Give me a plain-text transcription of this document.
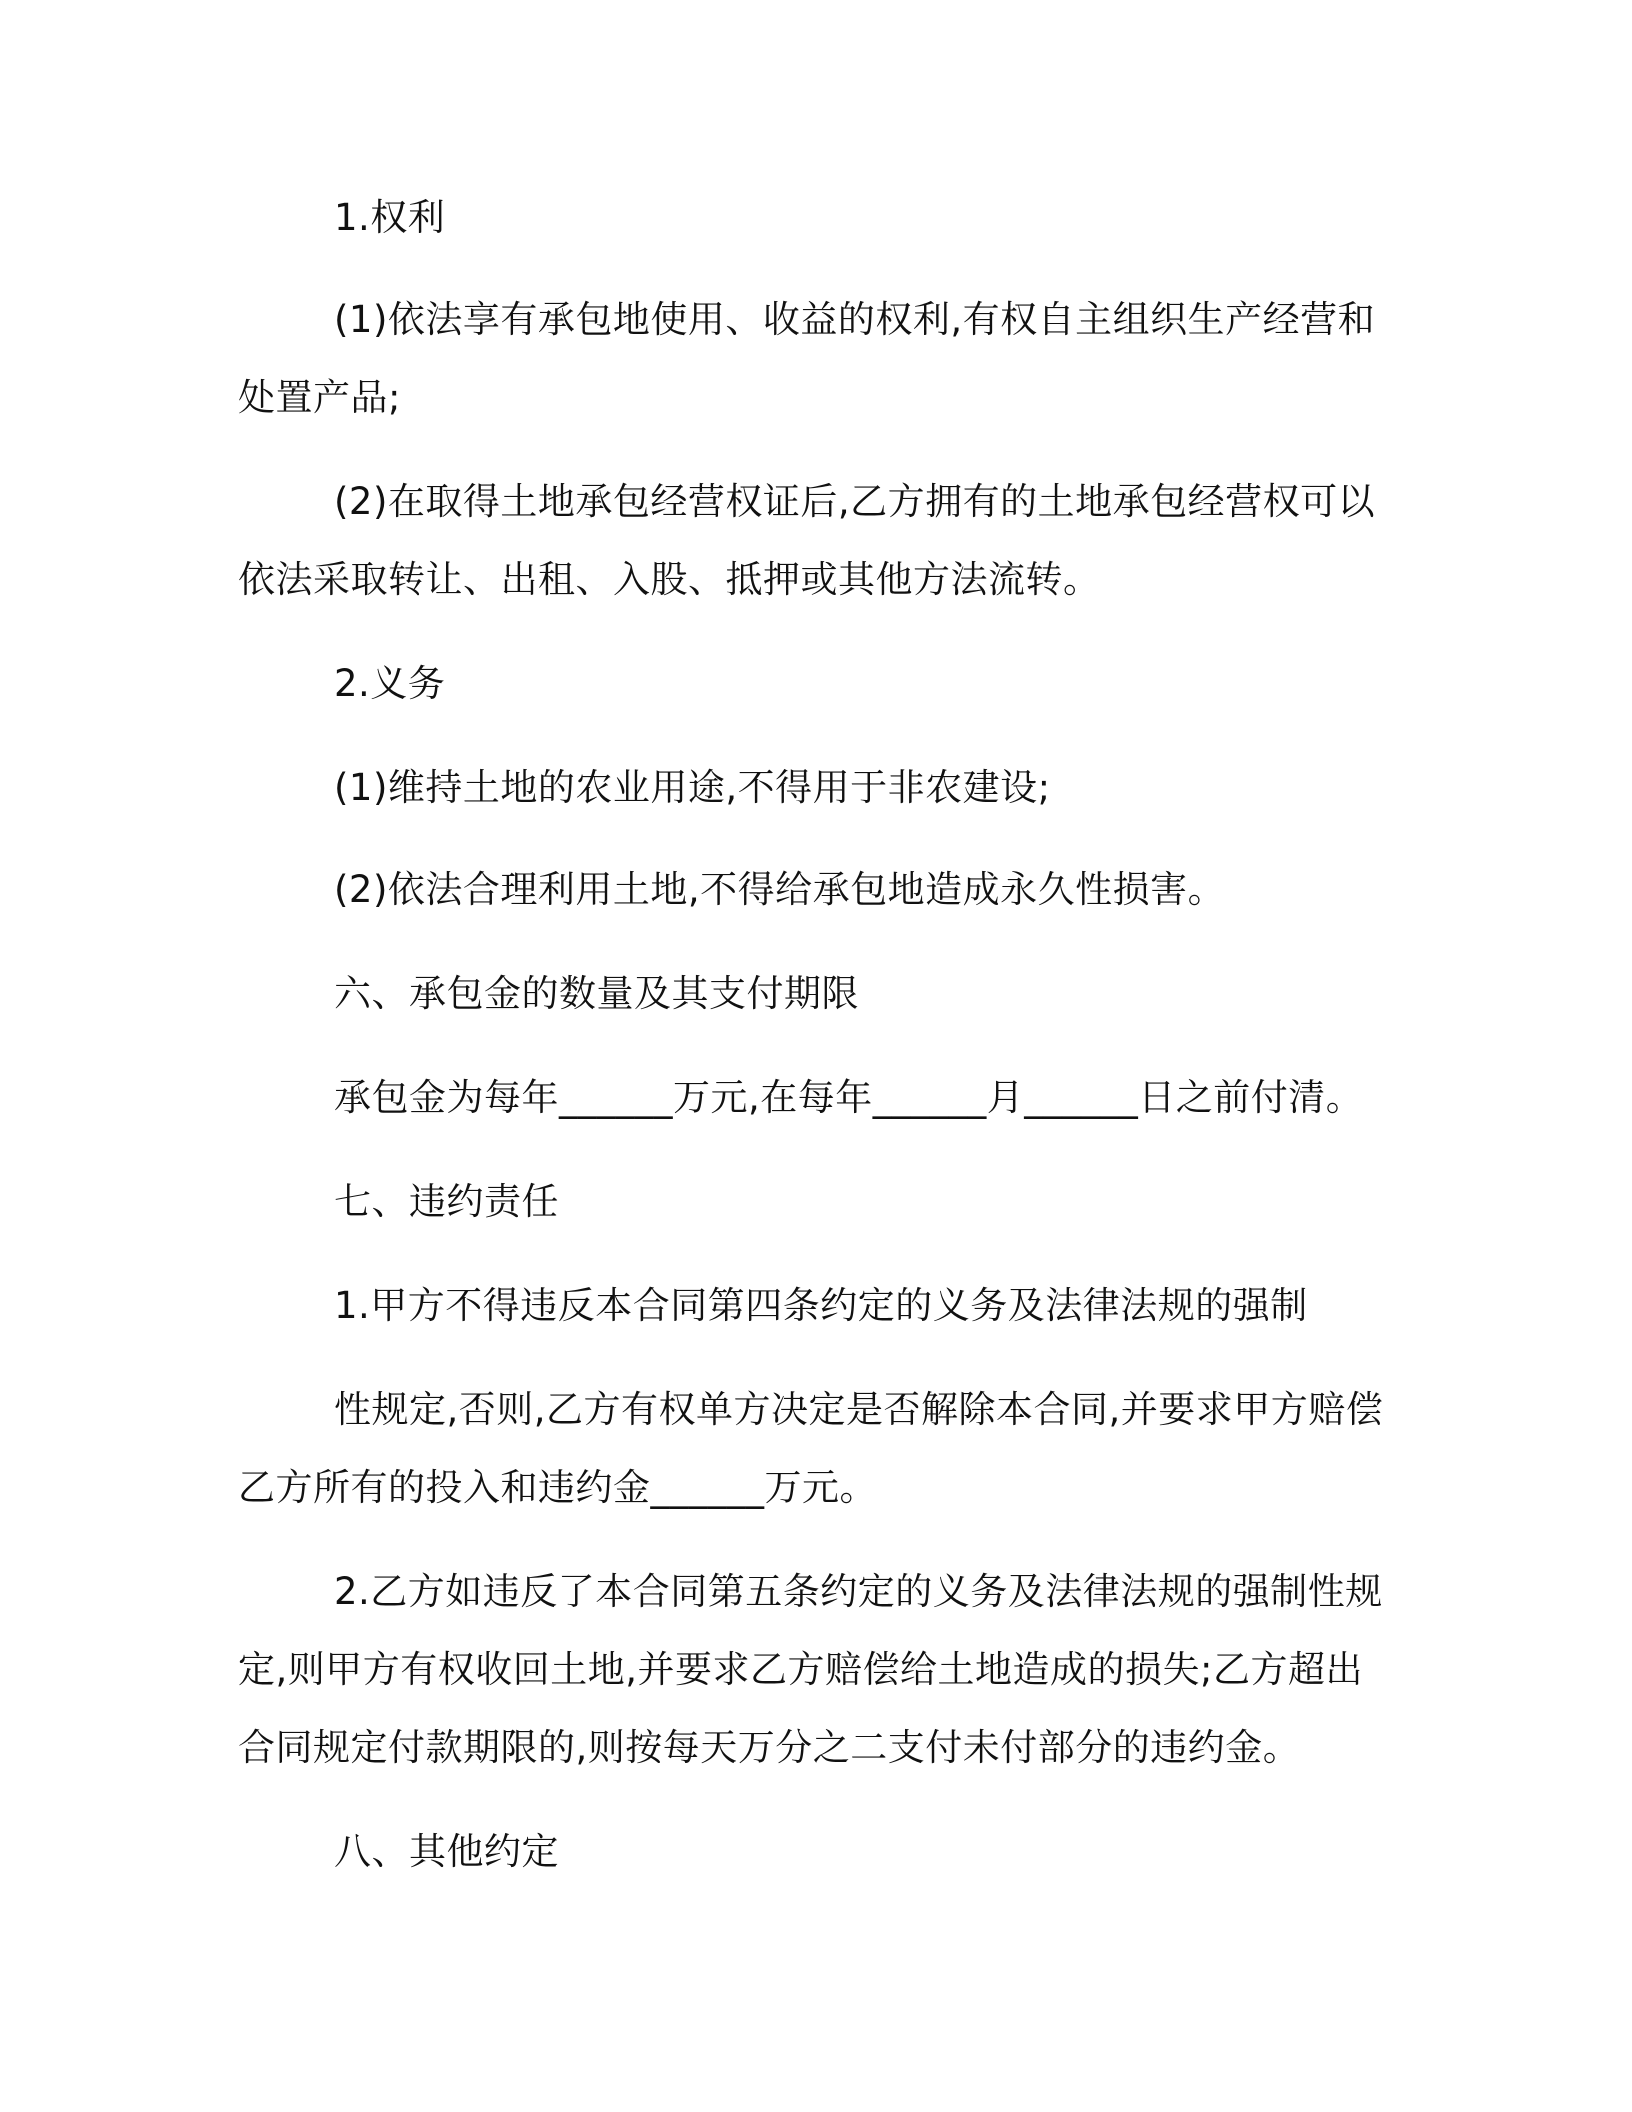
1.权利
(1)依法享有承包地使用、收益的权利,有权自主组织生产经营和
处置产品;
(2)在取得土地承包经营权证后,乙方拥有的土地承包经营权可以
依法采取转让、出租、入股、抵押或其他方法流转。
2.义务
(1)维持土地的农业用途,不得用于非农建设;
(2)依法合理利用土地,不得给承包地造成永久性损害。
六、承包金的数量及其支付期限
承包金为每年______万元,在每年______月______日之前付清。
七、违约责任
1.甲方不得违反本合同第四条约定的义务及法律法规的强制
性规定,否则,乙方有权单方决定是否解除本合同,并要求甲方赔偿
乙方所有的投入和违约金______万元。
2.乙方如违反了本合同第五条约定的义务及法律法规的强制性规
定,则甲方有权收回土地,并要求乙方赔偿给土地造成的损失;乙方超出
合同规定付款期限的,则按每天万分之二支付未付部分的违约金。
八、其他约定
